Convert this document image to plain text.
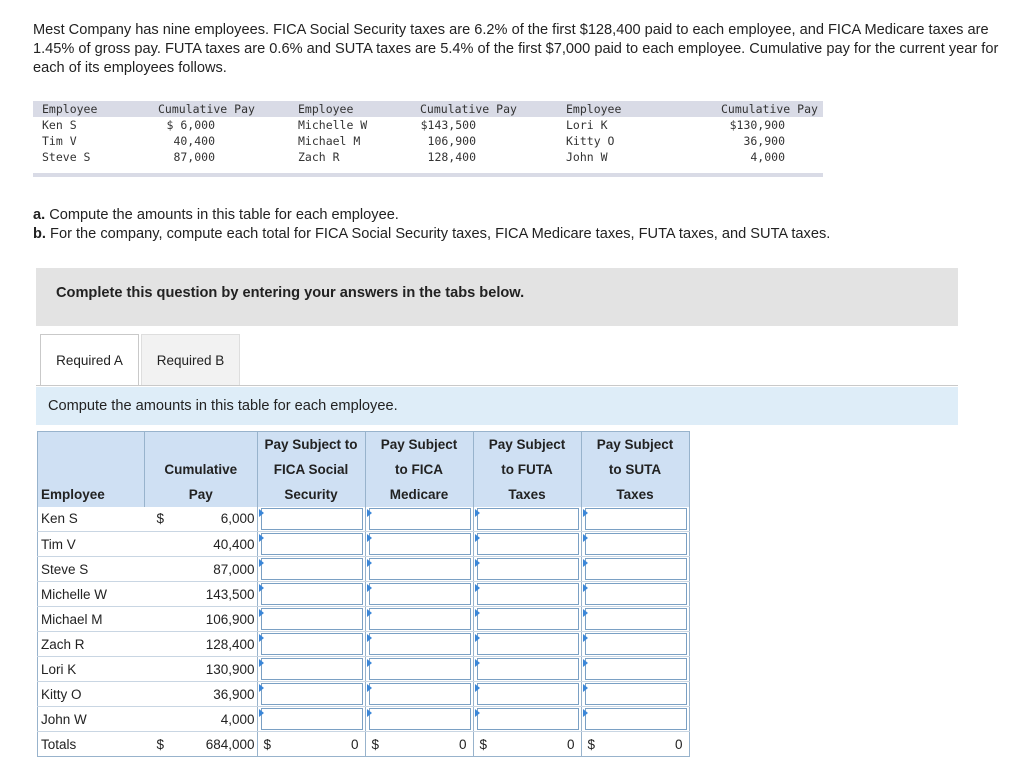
Mest Company has nine employees. FICA Social Security taxes are 6.2% of the first $128,400 paid to each employee, and FICA Medicare taxes are 1.45% of gross pay. FUTA taxes are 0.6% and SUTA taxes are 5.4% of the first $7,000 paid to each employee. Cumulative pay for the current year for each of its employees follows.
Employee	Cumulative Pay	Employee	Cumulative Pay	Employee	Cumulative Pay
Ken S	$ 6,000	Michelle W	$143,500	Lori K	$130,900
Tim V	40,400	Michael M	106,900	Kitty O	36,900
Steve S	87,000	Zach R	128,400	John W	4,000
a. Compute the amounts in this table for each employee.
b. For the company, compute each total for FICA Social Security taxes, FICA Medicare taxes, FUTA taxes, and SUTA taxes.
Complete this question by entering your answers in the tabs below.
Required A	Required B
Compute the amounts in this table for each employee.
			Pay Subject to	Pay Subject	Pay Subject	Pay Subject
	Cumulative		FICA Social	to FICA	to FUTA	to SUTA
Employee	Pay		Security	Medicare	Taxes	Taxes
Ken S	$	6,000	

Tim V		40,400	

Steve S		87,000	

Michelle W		143,500	

Michael M		106,900	

Zach R		128,400	

Lori K		130,900	

Kitty O		36,900	

John W		4,000	

Totals	$	684,000	$ 0	$ 0	$ 0	$ 0
